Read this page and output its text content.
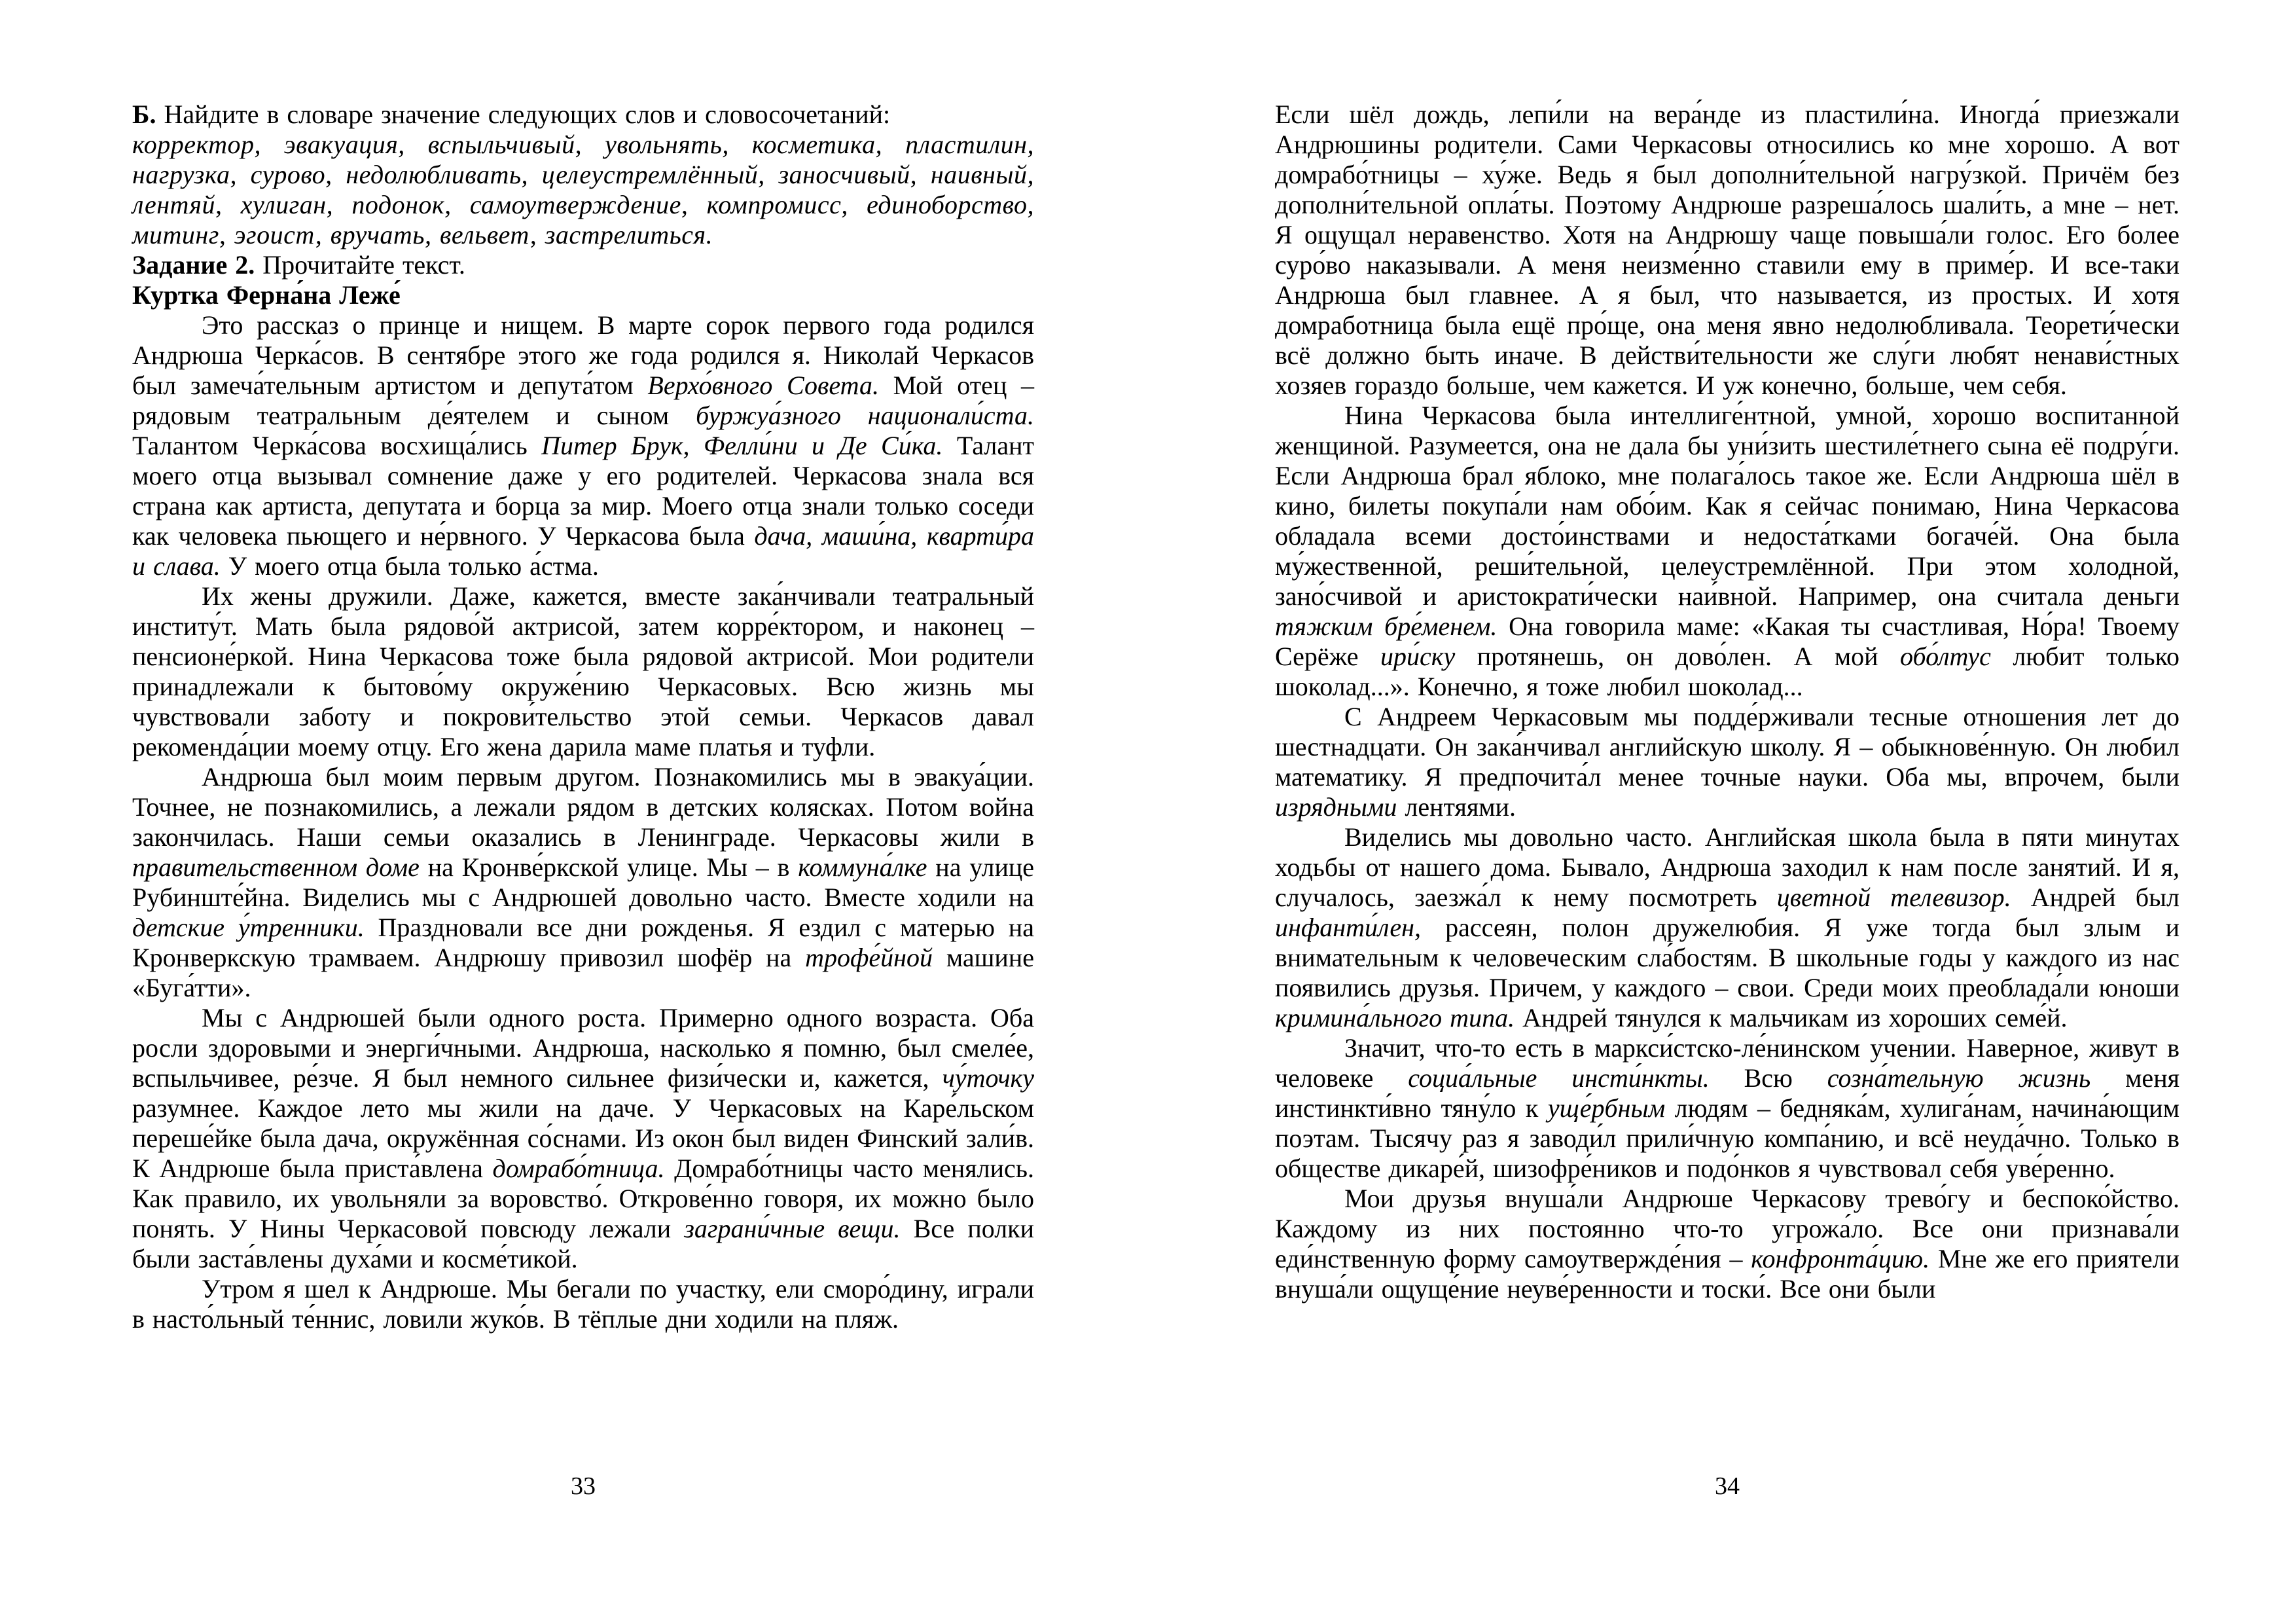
Б. Найдите в словаре значение следующих слов и словосочетаний:

корректор, эвакуация, вспыльчивый, увольнять, косметика, пластилин, нагрузка, сурово, недолюбливать, целеустремлённый, заносчивый, наивный, лентяй, хулиган, подонок, самоутверждение, компромисс, единоборство, митинг, эгоист, вручать, вельвет, застрелиться.

Задание 2. Прочитайте текст.

Куртка Ферна́на Леже́

Это рассказ о принце и нищем. В марте сорок первого года родился Андрюша Черка́сов. В сентябре этого же года родился я. Николай Черкасов был замеча́тельным артистом и депута́том Верхо́вного Совета. Мой отец – рядовым театральным де́ятелем и сыном буржуа́зного национали́ста. Талантом Черка́сова восхища́лись Питер Брук, Фелли́ни и Де Си́ка. Талант моего отца вызывал сомнение даже у его родителей. Черкасова знала вся страна как артиста, депутата и борца за мир. Моего отца знали только соседи как человека пьющего и не́рвного. У Черкасова была дача, маши́на, кварти́ра и слава. У моего отца была только а́стма.

Их жены дружили. Даже, кажется, вместе зака́нчивали театральный институ́т. Мать была рядово́й актрисой, затем корре́ктором, и наконец – пенсионе́ркой. Нина Черкасова тоже была рядовой актрисой. Мои родители принадлежали к бытово́му окруже́нию Черкасовых. Всю жизнь мы чувствовали заботу и покрови́тельство этой семьи. Черкасов давал рекоменда́ции моему отцу. Его жена дарила маме платья и туфли.

Андрюша был моим первым другом. Познакомились мы в эвакуа́ции. Точнее, не познакомились, а лежали рядом в детских колясках. Потом война закончилась. Наши семьи оказались в Ленинграде. Черкасовы жили в правительственном доме на Кронве́ркской улице. Мы – в коммуна́лке на улице Рубинште́йна. Виделись мы с Андрюшей довольно часто. Вместе ходили на детские у́тренники. Праздновали все дни рожденья. Я ездил с матерью на Кронверкскую трамваем. Андрюшу привозил шофёр на трофе́йной машине «Буга́тти».

Мы с Андрюшей были одного роста. Примерно одного возраста. Оба росли здоровыми и энерги́чными. Андрюша, насколько я помню, был смеле́е, вспыльчивее, ре́зче. Я был немного сильнее физи́чески и, кажется, чу́точку разумнее. Каждое лето мы жили на даче. У Черкасовых на Каре́льском переше́йке была дача, окружённая со́снами. Из окон был виден Финский зали́в. К Андрюше была приста́влена домрабо́тница. Домрабо́тницы часто менялись. Как правило, их увольняли за воровство́. Открове́нно говоря, их можно было понять. У Нины Черкасовой повсюду лежали заграни́чные вещи. Все полки были заста́влены духа́ми и косме́тикой.

Утром я шел к Андрюше. Мы бегали по участку, ели сморо́дину, играли в насто́льный те́ннис, ловили жуко́в. В тёплые дни ходили на пляж.

33

Если шёл дождь, лепи́ли на вера́нде из пластили́на. Иногда́ приезжали Андрюшины родители. Сами Черкасовы относились ко мне хорошо. А вот домрабо́тницы – ху́же. Ведь я был дополни́тельной нагру́зкой. Причём без дополни́тельной опла́ты. Поэтому Андрюше разреша́лось шали́ть, а мне – нет. Я ощущал неравенство. Хотя на Андрюшу чаще повыша́ли голос. Его более суро́во наказывали. А меня неизме́нно ставили ему в приме́р. И все-таки Андрюша был главнее. А я был, что называется, из простых. И хотя домработница была ещё про́ще, она меня явно недолюбливала. Теорети́чески всё должно быть иначе. В действи́тельности же слу́ги любят ненави́стных хозяев гораздо больше, чем кажется. И уж конечно, больше, чем себя.

Нина Черкасова была интеллиге́нтной, умной, хорошо воспитанной женщиной. Разумеется, она не дала бы уни́зить шестиле́тнего сына её подру́ги. Если Андрюша брал яблоко, мне полага́лось такое же. Если Андрюша шёл в кино, билеты покупа́ли нам обо́им. Как я сейчас понимаю, Нина Черкасова обладала всеми досто́инствами и недоста́тками богаче́й. Она была му́жественной, реши́тельной, целеустремлённой. При этом холодной, зано́счивой и аристократи́чески наи́вной. Например, она считала деньги тяжким бре́менем. Она говорила маме: «Какая ты счастливая, Но́ра! Твоему Серёже ири́ску протянешь, он дово́лен. А мой обо́лтус любит только шоколад...». Конечно, я тоже любил шоколад...

С Андреем Черкасовым мы подде́рживали тесные отношения лет до шестнадцати. Он зака́нчивал английскую школу. Я – обыкнове́нную. Он любил математику. Я предпочита́л менее точные науки. Оба мы, впрочем, были изрядными лентяями.

Виделись мы довольно часто. Английская школа была в пяти минутах ходьбы от нашего дома. Бывало, Андрюша заходил к нам после занятий. И я, случалось, заезжа́л к нему посмотреть цветной телевизор. Андрей был инфанти́лен, рассеян, полон дружелюбия. Я уже тогда был злым и внимательным к человеческим сла́бостям. В школьные годы у каждого из нас появились друзья. Причем, у каждого – свои. Среди моих преоблада́ли юноши кримина́льного типа. Андрей тянулся к мальчикам из хороших семе́й.

Значит, что-то есть в маркси́стско-ле́нинском учении. Наверное, живут в человеке социа́льные инсти́нкты. Всю созна́тельную жизнь меня инстинкти́вно тяну́ло к уще́рбным людям – бедняка́м, хулига́нам, начина́ющим поэтам. Тысячу раз я заводи́л прили́чную компа́нию, и всё неуда́чно. Только в обществе дикаре́й, шизофре́ников и подо́нков я чувствовал себя уве́ренно.

Мои друзья внуша́ли Андрюше Черкасову трево́гу и беспоко́йство. Каждому из них постоянно что-то угрожа́ло. Все они признава́ли еди́нственную форму самоутвержде́ния – конфронта́цию. Мне же его приятели внуша́ли ощуще́ние неуве́ренности и тоски́. Все они были

34
